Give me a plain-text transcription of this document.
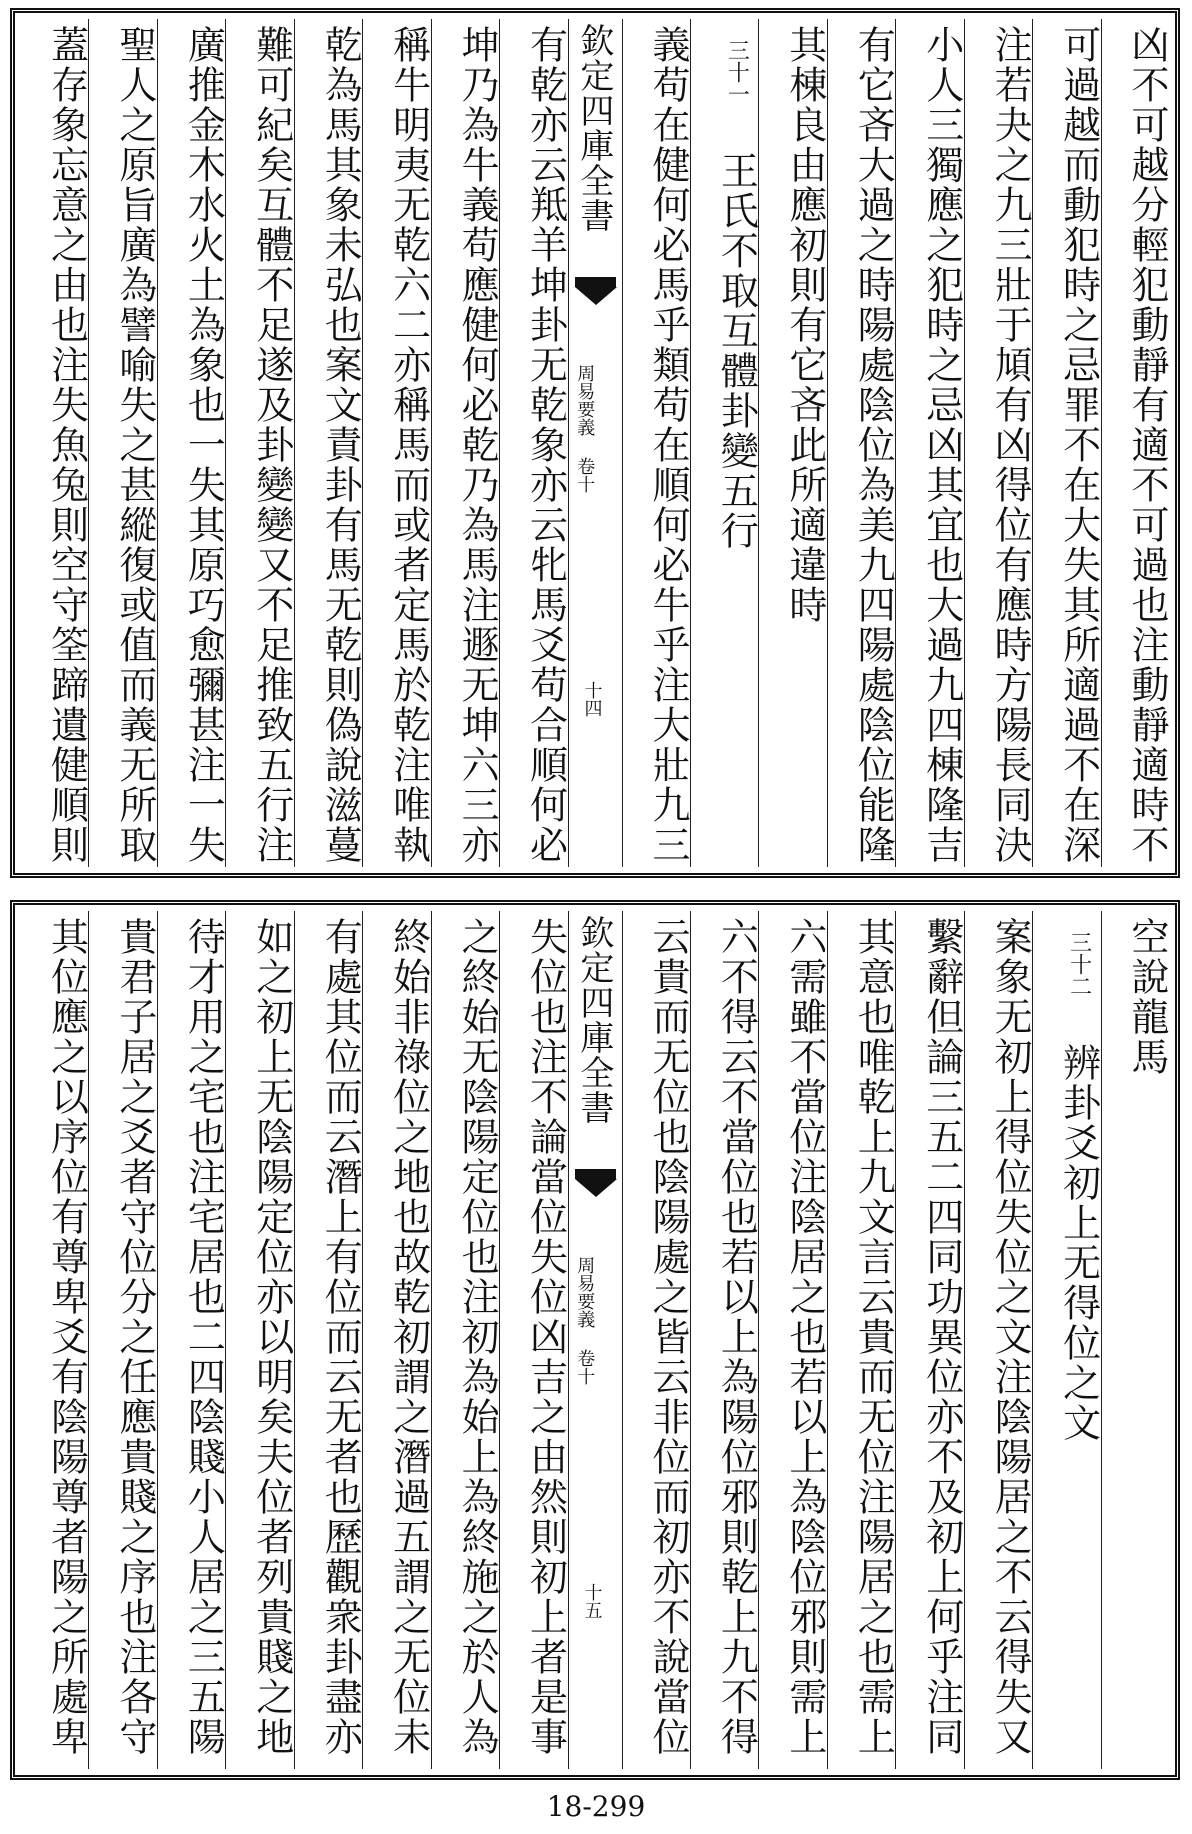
凶不可越分輕犯動靜有適不可過也注動靜適時不
可過越而動犯時之忌罪不在大失其所適過不在深
注若夬之九三壯于頄有凶得位有應時方陽長同決
小人三獨應之犯時之忌凶其宜也大過九四棟隆吉
有它吝大過之時陽處陰位為美九四陽處陰位能隆
其棟良由應初則有它吝此所適違時
三十一 王氏不取互體卦變五行
義苟在健何必馬乎類苟在順何必牛乎注大壯九三
欽定四庫全書
周易要義 卷十
十四
有乾亦云羝羊坤卦无乾象亦云牝馬爻苟合順何必
坤乃為牛義苟應健何必乾乃為馬注遯无坤六三亦
稱牛明夷无乾六二亦稱馬而或者定馬於乾注唯執
乾為馬其象未弘也案文責卦有馬无乾則偽說滋蔓
難可紀矣互體不足遂及卦變變又不足推致五行注
廣推金木水火土為象也一失其原巧愈彌甚注一失
聖人之原旨廣為譬喻失之甚縱復或值而義无所取
蓋存象忘意之由也注失魚兔則空守筌蹄遺健順則
空說龍馬
三十二 辨卦爻初上无得位之文
案象无初上得位失位之文注陰陽居之不云得失又
繫辭但論三五二四同功異位亦不及初上何乎注同
其意也唯乾上九文言云貴而无位注陽居之也需上
六需雖不當位注陰居之也若以上為陰位邪則需上
六不得云不當位也若以上為陽位邪則乾上九不得
云貴而无位也陰陽處之皆云非位而初亦不說當位
欽定四庫全書
周易要義 卷十
十五
失位也注不論當位失位凶吉之由然則初上者是事
之終始无陰陽定位也注初為始上為終施之於人為
終始非祿位之地也故乾初謂之潛過五謂之无位未
有處其位而云潛上有位而云无者也歷觀衆卦盡亦
如之初上无陰陽定位亦以明矣夫位者列貴賤之地
待才用之宅也注宅居也二四陰賤小人居之三五陽
貴君子居之爻者守位分之任應貴賤之序也注各守
其位應之以序位有尊卑爻有陰陽尊者陽之所處卑
18-299
